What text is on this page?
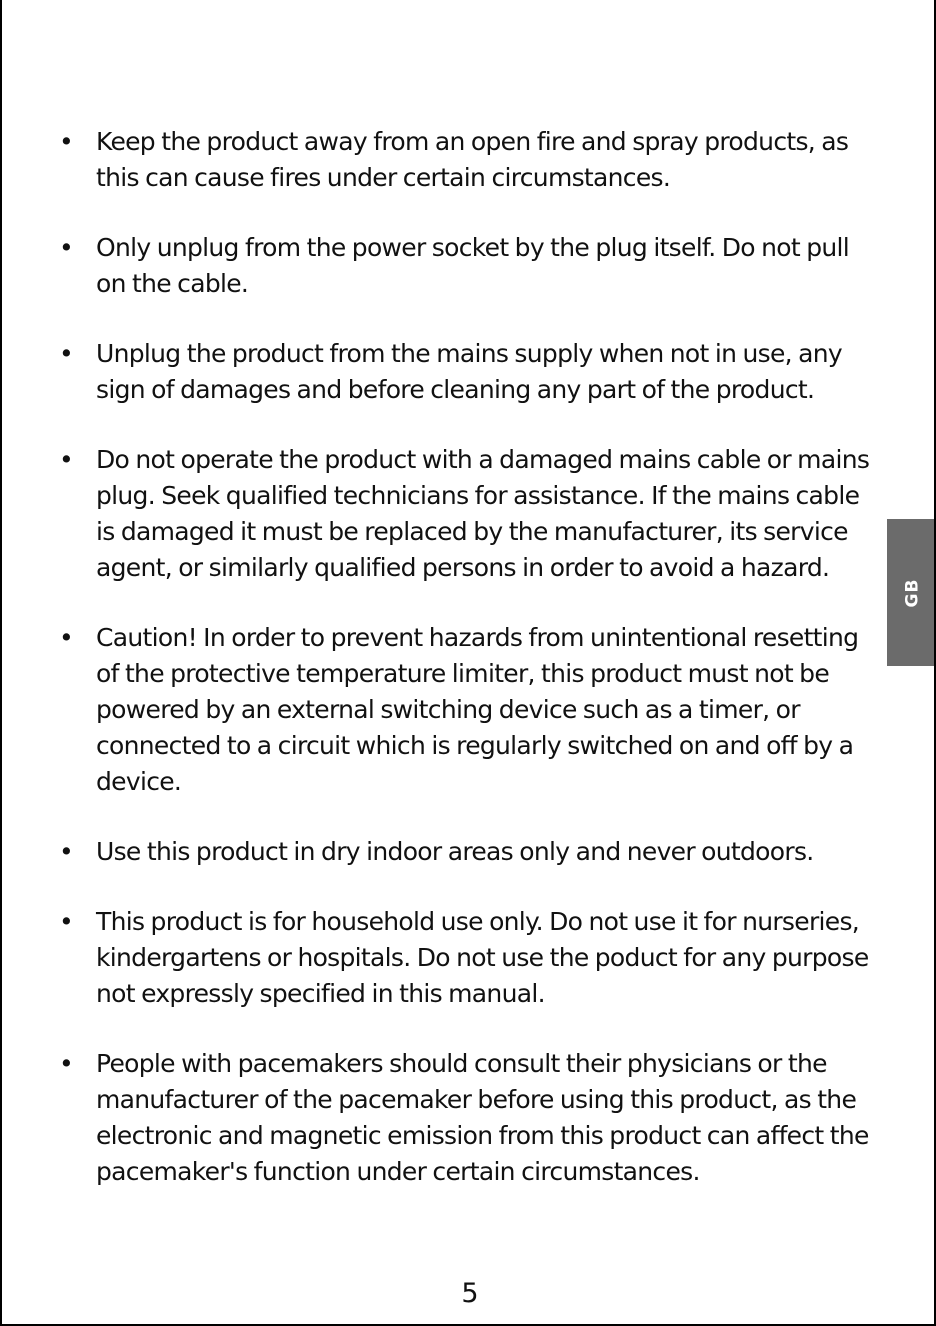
• Keep the product away from an open fire and spray products, as this can cause fires under certain circumstances.
• Only unplug from the power socket by the plug itself. Do not pull on the cable.
• Unplug the product from the mains supply when not in use, any sign of damages and before cleaning any part of the product.
• Do not operate the product with a damaged mains cable or mains plug. Seek qualified technicians for assistance. If the mains cable is damaged it must be replaced by the manufacturer, its service agent, or similarly qualified persons in order to avoid a hazard.
• Caution! In order to prevent hazards from unintentional resetting of the protective temperature limiter, this product must not be powered by an external switching device such as a timer, or connected to a circuit which is regularly switched on and off by a device.
• Use this product in dry indoor areas only and never outdoors.
• This product is for household use only. Do not use it for nurseries, kindergartens or hospitals. Do not use the poduct for any purpose not expressly specified in this manual.
• People with pacemakers should consult their physicians or the manufacturer of the pacemaker before using this product, as the electronic and magnetic emission from this product can affect the pacemaker's function under certain circumstances.
GB
5
